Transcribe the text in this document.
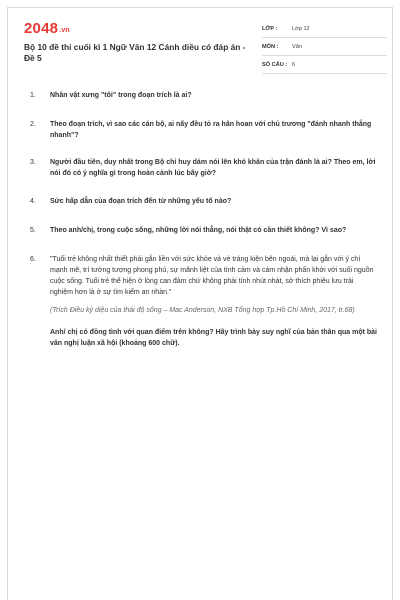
2048.vn
Bộ 10 đề thi cuối kì 1 Ngữ Văn 12 Cánh diều có đáp án - Đề 5
LỚP :	Lớp 12
MÔN :	Văn
SỐ CÂU : 6
1.	Nhân vật xưng "tôi" trong đoạn trích là ai?
2.	Theo đoạn trích, vì sao các cán bộ, ai nấy đều tỏ ra hân hoan với chủ trương "đánh nhanh thắng nhanh"?
3.	Người đầu tiên, duy nhất trong Bộ chỉ huy dám nói lên khó khăn của trận đánh là ai? Theo em, lời nói đó có ý nghĩa gì trong hoàn cảnh lúc bấy giờ?
4.	Sức hấp dẫn của đoạn trích đến từ những yếu tố nào?
5.	Theo anh/chị, trong cuộc sống, những lời nói thẳng, nói thật có cần thiết không? Vì sao?
6.	"Tuổi trẻ không nhất thiết phải gắn liền với sức khỏe và vẻ tráng kiện bên ngoài, mà lại gắn với ý chí mạnh mẽ, trí tưởng tượng phong phú, sự mãnh liệt của tình cảm và cảm nhận phấn khởi với suối nguồn cuộc sống. Tuổi trẻ thể hiện ở lòng can đảm chứ không phải tính nhút nhát, sở thích phiêu lưu trải nghiệm hơn là ở sự tìm kiếm an nhàn."
(Trích Điều kỳ diệu của thái độ sống – Mac Anderson, NXB Tổng hợp Tp.Hồ Chí Minh, 2017, tr.68)
Anh/ chị có đồng tình với quan điểm trên không? Hãy trình bày suy nghĩ của bản thân qua một bài văn nghị luận xã hội (khoảng 600 chữ).
